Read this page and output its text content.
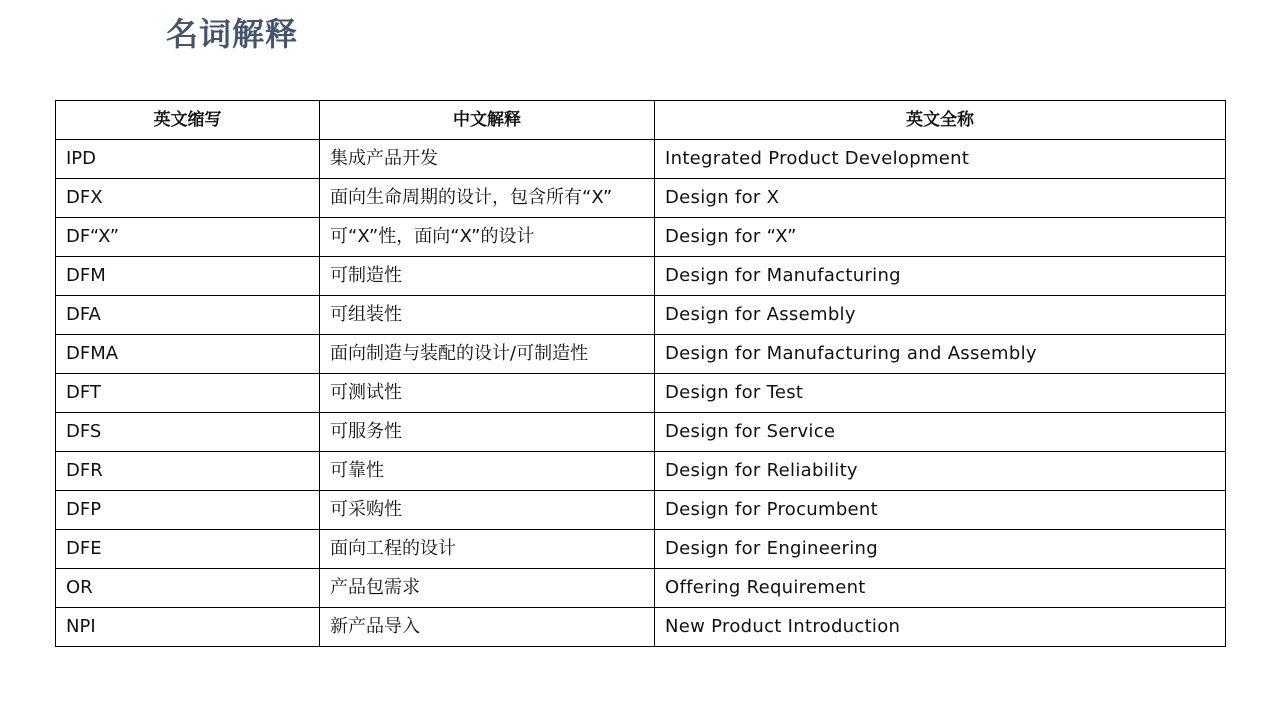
名词解释
英文缩写	中文解释	英文全称
IPD	集成产品开发	Integrated Product Development
DFX	面向生命周期的设计，包含所有“X”	Design for X
DF“X”	可“X”性，面向“X”的设计	Design for “X”
DFM	可制造性	Design for Manufacturing
DFA	可组装性	Design for Assembly
DFMA	面向制造与装配的设计/可制造性	Design for Manufacturing and Assembly
DFT	可测试性	Design for Test
DFS	可服务性	Design for Service
DFR	可靠性	Design for Reliability
DFP	可采购性	Design for Procumbent
DFE	面向工程的设计	Design for Engineering
OR	产品包需求	Offering Requirement
NPI	新产品导入	New Product Introduction
